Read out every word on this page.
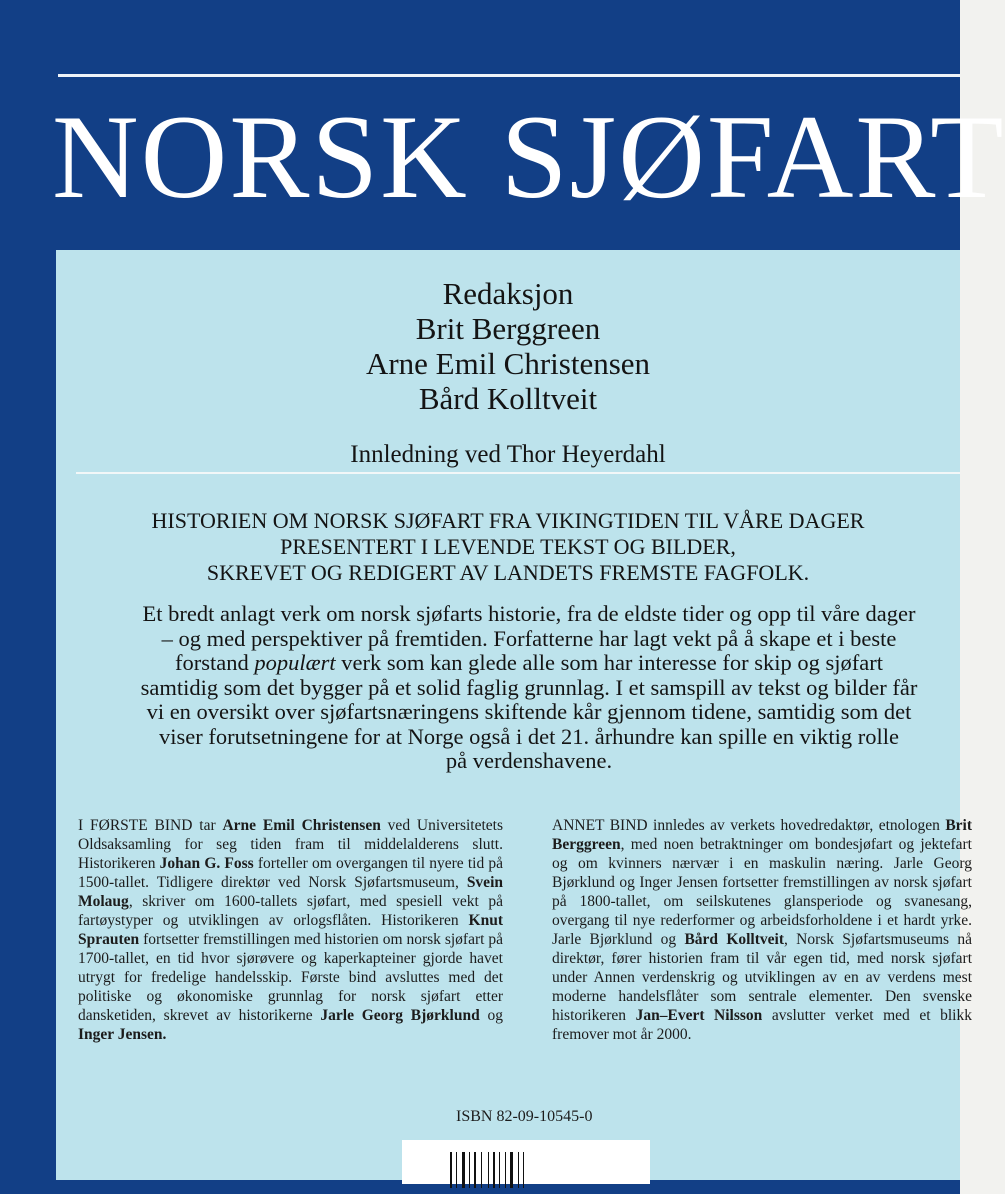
NORSK SJØFART
Redaksjon
Brit Berggreen
Arne Emil Christensen
Bård Kolltveit
Innledning ved Thor Heyerdahl
HISTORIEN OM NORSK SJØFART FRA VIKINGTIDEN TIL VÅRE DAGER
PRESENTERT I LEVENDE TEKST OG BILDER,
SKREVET OG REDIGERT AV LANDETS FREMSTE FAGFOLK.
Et bredt anlagt verk om norsk sjøfarts historie, fra de eldste tider og opp til våre dager
– og med perspektiver på fremtiden. Forfatterne har lagt vekt på å skape et i beste
forstand populært verk som kan glede alle som har interesse for skip og sjøfart
samtidig som det bygger på et solid faglig grunnlag. I et samspill av tekst og bilder får
vi en oversikt over sjøfartsnæringens skiftende kår gjennom tidene, samtidig som det
viser forutsetningene for at Norge også i det 21. århundre kan spille en viktig rolle
på verdenshavene.
I FØRSTE BIND tar Arne Emil Christensen ved Universitetets Oldsaksamling for seg tiden fram til middelalderens slutt. Historikeren Johan G. Foss forteller om overgangen til nyere tid på 1500-tallet. Tidligere direktør ved Norsk Sjøfartsmuseum, Svein Molaug, skriver om 1600-tallets sjøfart, med spesiell vekt på fartøystyper og utviklingen av orlogsflåten. Historikeren Knut Sprauten fortsetter fremstillingen med historien om norsk sjøfart på 1700-tallet, en tid hvor sjørøvere og kaperkapteiner gjorde havet utrygt for fredelige handelsskip. Første bind avsluttes med det politiske og økonomiske grunnlag for norsk sjøfart etter dansketiden, skrevet av historikerne Jarle Georg Bjørklund og Inger Jensen.
ANNET BIND innledes av verkets hovedredaktør, etnologen Brit Berggreen, med noen betraktninger om bondesjøfart og jektefart og om kvinners nærvær i en maskulin næring. Jarle Georg Bjørklund og Inger Jensen fortsetter fremstillingen av norsk sjøfart på 1800-tallet, om seilskutenes glansperiode og svanesang, overgang til nye rederformer og arbeidsforholdene i et hardt yrke. Jarle Bjørklund og Bård Kolltveit, Norsk Sjøfartsmuseums nå direktør, fører historien fram til vår egen tid, med norsk sjøfart under Annen verdenskrig og utviklingen av en av verdens mest moderne handelsflåter som sentrale elementer. Den svenske historikeren Jan–Evert Nilsson avslutter verket med et blikk fremover mot år 2000.
ISBN 82-09-10545-0
